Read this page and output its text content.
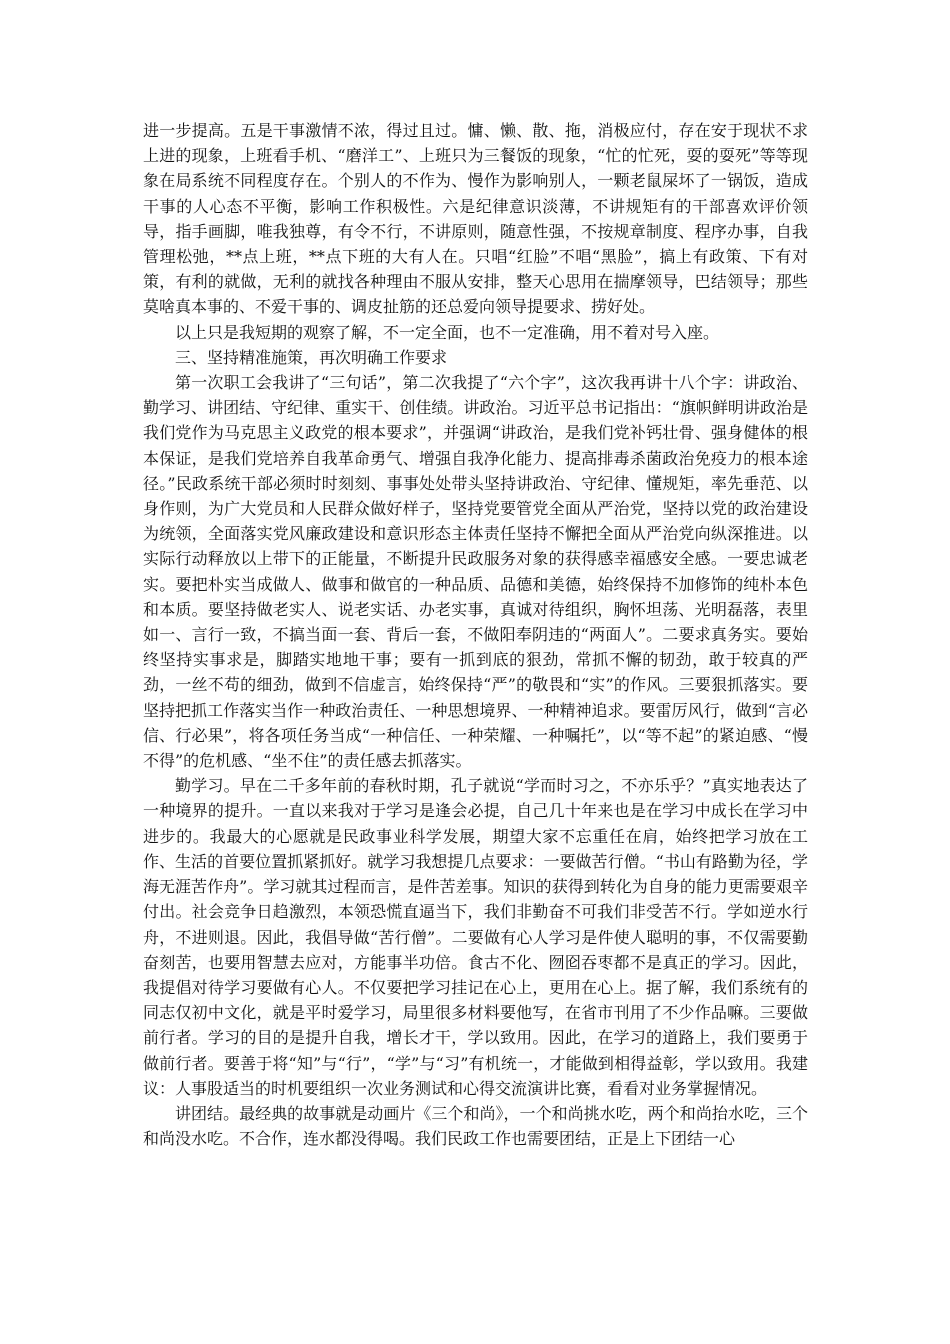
进一步提高。五是干事激情不浓，得过且过。慵、懒、散、拖，消极应付，存在安于现状不求上进的现象，上班看手机、“磨洋工”、上班只为三餐饭的现象，“忙的忙死，耍的耍死”等等现象在局系统不同程度存在。个别人的不作为、慢作为影响别人，一颗老鼠屎坏了一锅饭，造成干事的人心态不平衡，影响工作积极性。六是纪律意识淡薄，不讲规矩有的干部喜欢评价领导，指手画脚，唯我独尊，有令不行，不讲原则，随意性强，不按规章制度、程序办事，自我管理松弛，**点上班，**点下班的大有人在。只唱“红脸”不唱“黑脸”，搞上有政策、下有对策，有利的就做，无利的就找各种理由不服从安排，整天心思用在揣摩领导，巴结领导；那些莫啥真本事的、不爱干事的、调皮扯筋的还总爱向领导提要求、捞好处。

以上只是我短期的观察了解，不一定全面，也不一定准确，用不着对号入座。

三、坚持精准施策，再次明确工作要求

第一次职工会我讲了“三句话”，第二次我提了“六个字”，这次我再讲十八个字：讲政治、勤学习、讲团结、守纪律、重实干、创佳绩。讲政治。习近平总书记指出：“旗帜鲜明讲政治是我们党作为马克思主义政党的根本要求”，并强调“讲政治，是我们党补钙壮骨、强身健体的根本保证，是我们党培养自我革命勇气、增强自我净化能力、提高排毒杀菌政治免疫力的根本途径。”民政系统干部必须时时刻刻、事事处处带头坚持讲政治、守纪律、懂规矩，率先垂范、以身作则，为广大党员和人民群众做好样子，坚持党要管党全面从严治党，坚持以党的政治建设为统领，全面落实党风廉政建设和意识形态主体责任坚持不懈把全面从严治党向纵深推进。以实际行动释放以上带下的正能量，不断提升民政服务对象的获得感幸福感安全感。一要忠诚老实。要把朴实当成做人、做事和做官的一种品质、品德和美德，始终保持不加修饰的纯朴本色和本质。要坚持做老实人、说老实话、办老实事，真诚对待组织，胸怀坦荡、光明磊落，表里如一、言行一致，不搞当面一套、背后一套，不做阳奉阴违的“两面人”。二要求真务实。要始终坚持实事求是，脚踏实地地干事；要有一抓到底的狠劲，常抓不懈的韧劲，敢于较真的严劲，一丝不苟的细劲，做到不信虚言，始终保持“严”的敬畏和“实”的作风。三要狠抓落实。要坚持把抓工作落实当作一种政治责任、一种思想境界、一种精神追求。要雷厉风行，做到“言必信、行必果”，将各项任务当成“一种信任、一种荣耀、一种嘱托”，以“等不起”的紧迫感、“慢不得”的危机感、“坐不住”的责任感去抓落实。

勤学习。早在二千多年前的春秋时期，孔子就说“学而时习之，不亦乐乎？”真实地表达了一种境界的提升。一直以来我对于学习是逢会必提，自己几十年来也是在学习中成长在学习中进步的。我最大的心愿就是民政事业科学发展，期望大家不忘重任在肩，始终把学习放在工作、生活的首要位置抓紧抓好。就学习我想提几点要求：一要做苦行僧。“书山有路勤为径，学海无涯苦作舟”。学习就其过程而言，是件苦差事。知识的获得到转化为自身的能力更需要艰辛付出。社会竞争日趋激烈，本领恐慌直逼当下，我们非勤奋不可我们非受苦不行。学如逆水行舟，不进则退。因此，我倡导做“苦行僧”。二要做有心人学习是件使人聪明的事，不仅需要勤奋刻苦，也要用智慧去应对，方能事半功倍。食古不化、囫囵吞枣都不是真正的学习。因此，我提倡对待学习要做有心人。不仅要把学习挂记在心上，更用在心上。据了解，我们系统有的同志仅初中文化，就是平时爱学习，局里很多材料要他写，在省市刊用了不少作品嘛。三要做前行者。学习的目的是提升自我，增长才干，学以致用。因此，在学习的道路上，我们要勇于做前行者。要善于将“知”与“行”，“学”与“习”有机统一，才能做到相得益彰，学以致用。我建议：人事股适当的时机要组织一次业务测试和心得交流演讲比赛，看看对业务掌握情况。

讲团结。最经典的故事就是动画片《三个和尚》，一个和尚挑水吃，两个和尚抬水吃，三个和尚没水吃。不合作，连水都没得喝。我们民政工作也需要团结，正是上下团结一心
